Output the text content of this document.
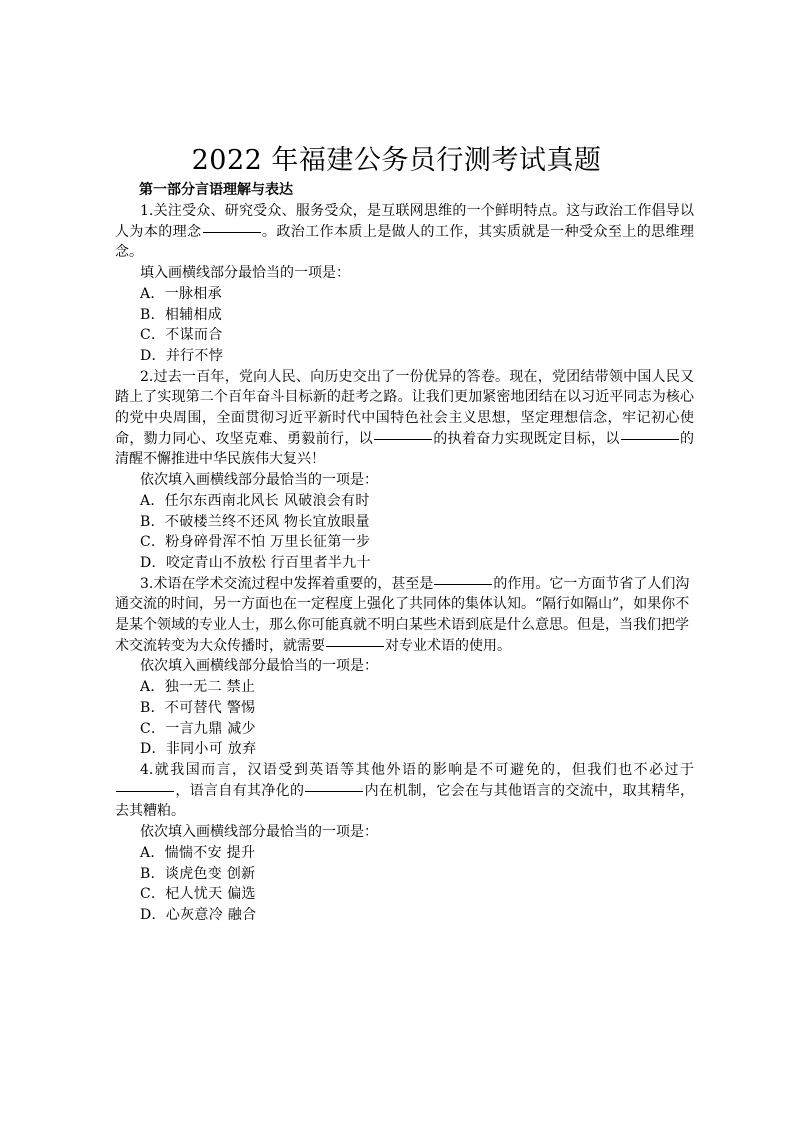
2022 年福建公务员行测考试真题
第一部分言语理解与表达

1.关注受众、研究受众、服务受众，是互联网思维的一个鲜明特点。这与政治工作倡导以人为本的理念	。政治工作本质上是做人的工作，其实质就是一种受众至上的思维理念。

填入画横线部分最恰当的一项是：

A．一脉相承

B．相辅相成

C．不谋而合

D．并行不悖

2.过去一百年，党向人民、向历史交出了一份优异的答卷。现在，党团结带领中国人民又踏上了实现第二个百年奋斗目标新的赶考之路。让我们更加紧密地团结在以习近平同志为核心的党中央周围，全面贯彻习近平新时代中国特色社会主义思想，坚定理想信念，牢记初心使命，勠力同心、攻坚克难、勇毅前行，以	的执着奋力实现既定目标，以	的清醒不懈推进中华民族伟大复兴！

依次填入画横线部分最恰当的一项是：

A．任尔东西南北风长 风破浪会有时

B．不破楼兰终不还风 物长宜放眼量

C．粉身碎骨浑不怕 万里长征第一步

D．咬定青山不放松 行百里者半九十

3.术语在学术交流过程中发挥着重要的，甚至是	的作用。它一方面节省了人们沟通交流的时间，另一方面也在一定程度上强化了共同体的集体认知。“隔行如隔山”，如果你不是某个领域的专业人士，那么你可能真就不明白某些术语到底是什么意思。但是，当我们把学术交流转变为大众传播时，就需要	对专业术语的使用。

依次填入画横线部分最恰当的一项是：

A．独一无二 禁止

B．不可替代 警惕

C．一言九鼎 减少

D．非同小可 放弃

4.就我国而言，汉语受到英语等其他外语的影响是不可避免的，但我们也不必过于，语言自有其净化的	内在机制，它会在与其他语言的交流中，取其精华，去其糟粕。

依次填入画横线部分最恰当的一项是：

A．惴惴不安 提升

B．谈虎色变 创新

C．杞人忧天 偏选

D．心灰意冷 融合
